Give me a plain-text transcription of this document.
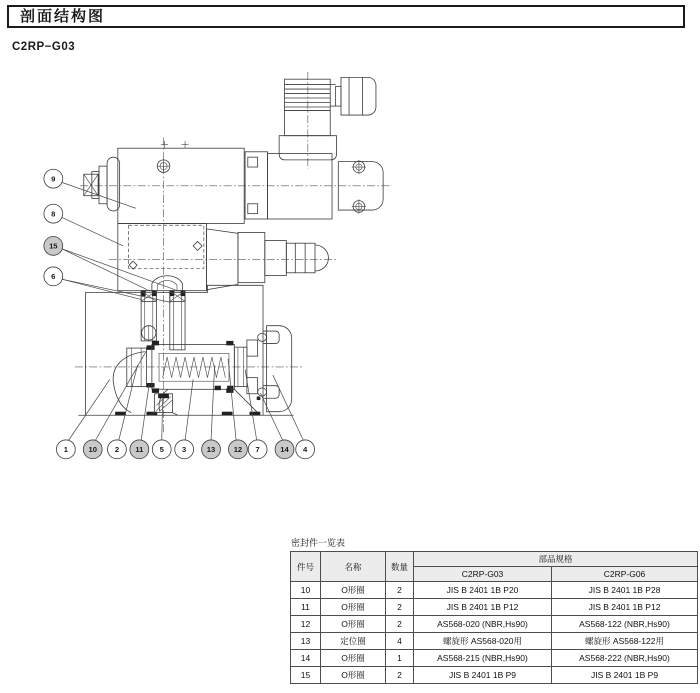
剖面结构图
C2RP−G03
9
8
15
6
1 10 2 11 5 3 13 12 7 14 4
密封件一览表
件号	名称	数量	部品规格	
			C2RP-G03	C2RP-G06
10	O形圈	2	JIS B 2401 1B P20	JIS B 2401 1B P28
11	O形圈	2	JIS B 2401 1B P12	JIS B 2401 1B P12
12	O形圈	2	AS568-020 (NBR,Hs90)	AS568-122 (NBR,Hs90)
13	定位圈	4	螺旋形 AS568-020用	螺旋形 AS568-122用
14	O形圈	1	AS568-215 (NBR,Hs90)	AS568-222 (NBR,Hs90)
15	O形圈	2	JIS B 2401 1B P9	JIS B 2401 1B P9
